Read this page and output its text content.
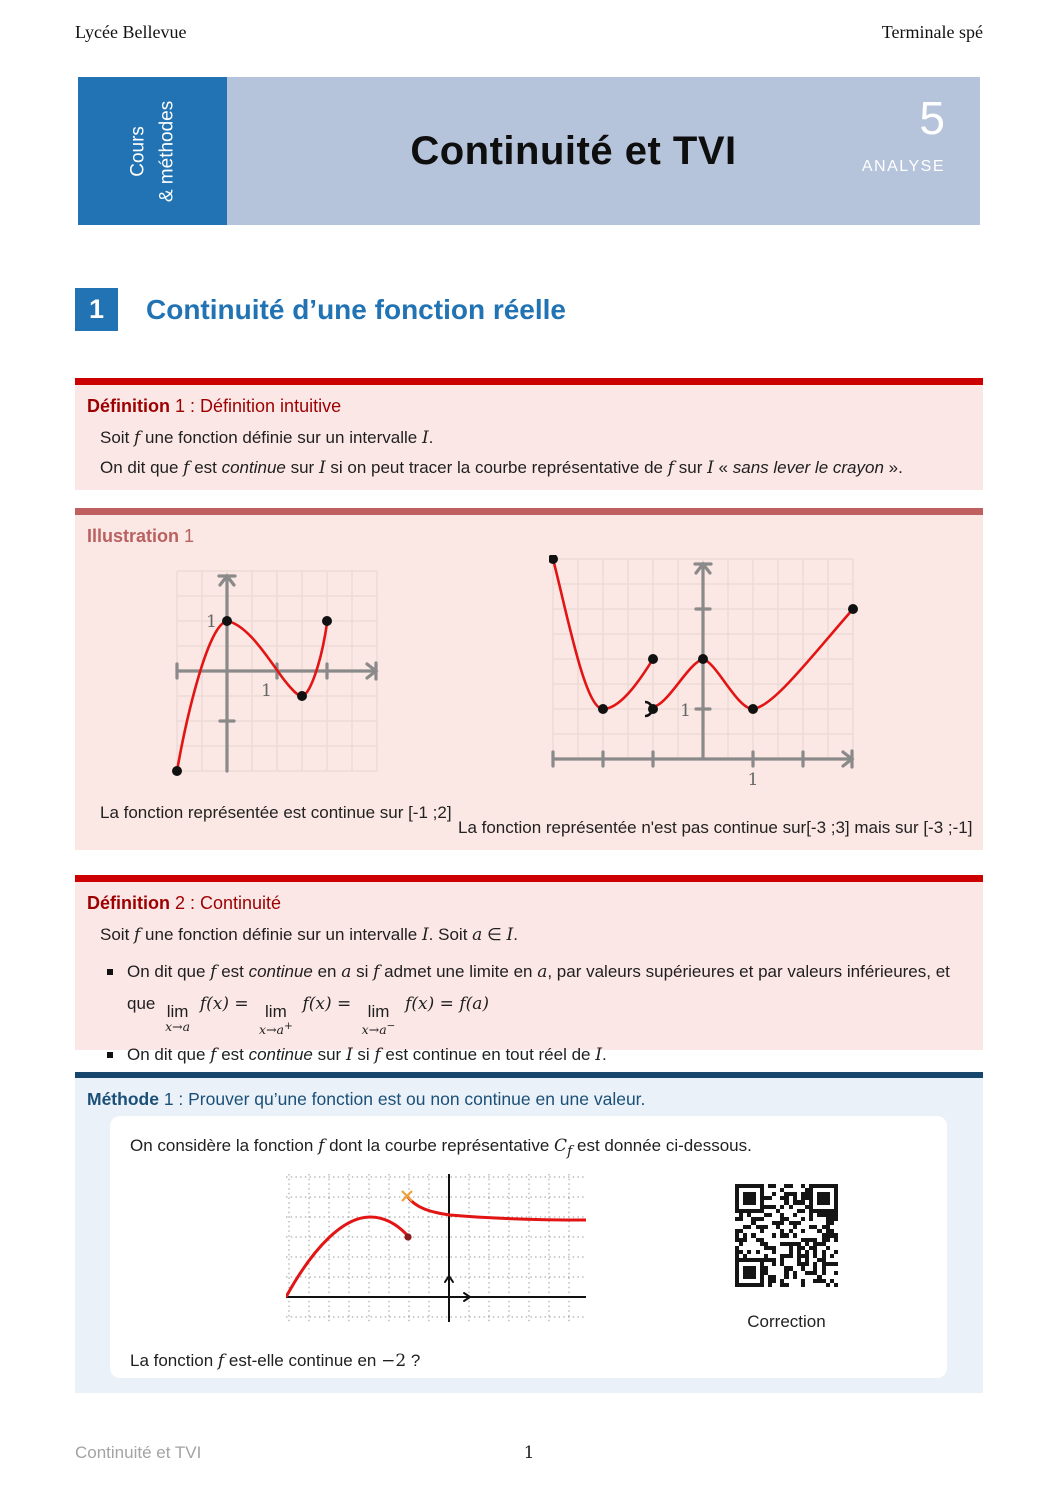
Lycée Bellevue	Terminale spé
Cours & méthodes	Continuité et TVI
5
ANALYSE
1	Continuité d’une fonction réelle
Définition 1 : Définition intuitive
Soit f une fonction définie sur un intervalle I.
On dit que f est continue sur I si on peut tracer la courbe représentative de f sur I « sans lever le crayon ».
Illustration 1
1
1
1
1
La fonction représentée est continue sur [-1 ;2]
La fonction représentée n'est pas continue sur[-3 ;3] mais sur [-3 ;-1]
Définition 2 : Continuité
Soit f une fonction définie sur un intervalle I. Soit a ∈ I.
On dit que f est continue en a si f admet une limite en a, par valeurs supérieures et par valeurs inférieures, et
que lim
x→a
f(x) = lim
x→a+
f(x) = lim
x→a−
f(x) = f(a)
On dit que f est continue sur I si f est continue en tout réel de I.
Méthode 1 : Prouver qu’une fonction est ou non continue en une valeur.
On considère la fonction f dont la courbe représentative $C_f$ est donnée ci-dessous.
Correction
La fonction f est-elle continue en −2 ?
Continuité et TVI	1
